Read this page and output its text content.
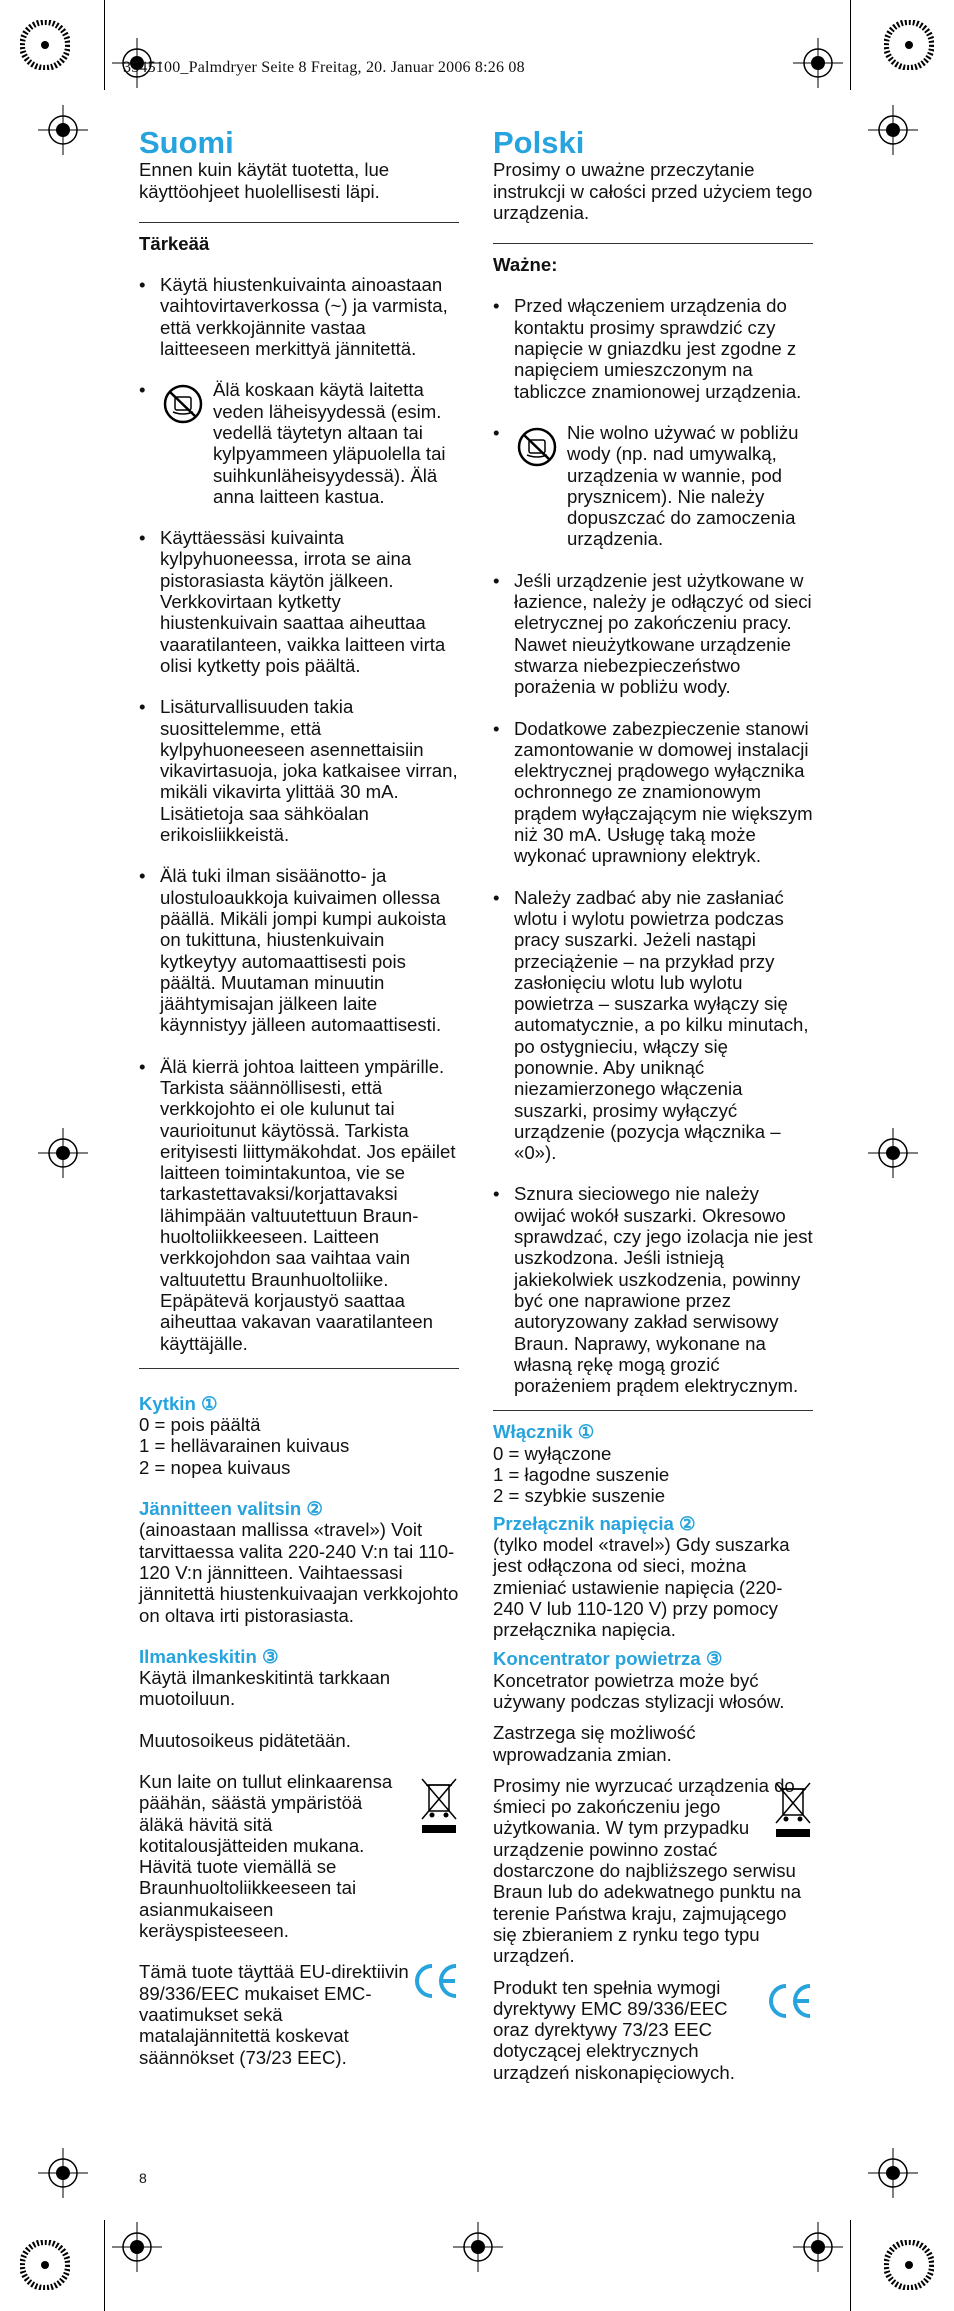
3545100_Palmdryer Seite 8 Freitag, 20. Januar 2006 8:26 08
Suomi

Ennen kuin käytät tuotetta, lue käyttöohjeet huolellisesti läpi.

Tärkeää

• Käytä hiustenkuivainta ainoastaan vaihtovirtaverkossa (~) ja varmista, että verkkojännite vastaa laitteeseen merkittyä jännitettä.
•	Älä koskaan käytä laitetta veden läheisyydessä (esim. vedellä täytetyn altaan tai kylpyammeen yläpuolella tai suihkunläheisyydessä). Älä anna laitteen kastua.
• Käyttäessäsi kuivainta kylpyhuoneessa, irrota se aina pistorasiasta käytön jälkeen. Verkkovirtaan kytketty hiustenkuivain saattaa aiheuttaa vaaratilanteen, vaikka laitteen virta olisi kytketty pois päältä.
• Lisäturvallisuuden takia suosittelemme, että kylpyhuoneeseen asennettaisiin vikavirtasuoja, joka katkaisee virran, mikäli vikavirta ylittää 30 mA. Lisätietoja saa sähköalan erikoisliikkeistä.
• Älä tuki ilman sisäänotto- ja ulostuloaukkoja kuivaimen ollessa päällä. Mikäli jompi kumpi aukoista on tukittuna, hiustenkuivain kytkeytyy automaattisesti pois päältä. Muutaman minuutin jäähtymisajan jälkeen laite käynnistyy jälleen automaattisesti.
• Älä kierrä johtoa laitteen ympärille. Tarkista säännöllisesti, että verkkojohto ei ole kulunut tai vaurioitunut käytössä. Tarkista erityisesti liittymäkohdat. Jos epäilet laitteen toimintakuntoa, vie se tarkastettavaksi/korjattavaksi lähimpään valtuutettuun Braun-huoltoliikkeeseen. Laitteen verkkojohdon saa vaihtaa vain valtuutettu Braunhuoltoliike. Epäpätevä korjaustyö saattaa aiheuttaa vakavan vaaratilanteen käyttäjälle.

Kytkin ①

0 = pois päältä

1 = hellävarainen kuivaus

2 = nopea kuivaus

Jännitteen valitsin ②

(ainoastaan mallissa «travel») Voit tarvittaessa valita 220-240 V:n tai 110-120 V:n jännitteen. Vaihtaessasi jännitettä hiustenkuivaajan verkkojohto on oltava irti pistorasiasta.

Ilmankeskitin ③

Käytä ilmankeskitintä tarkkaan muotoiluun.

Muutosoikeus pidätetään.

Kun laite on tullut elinkaarensa päähän, säästä ympäristöä äläkä hävitä sitä kotitalousjätteiden mukana. Hävitä tuote viemällä se Braunhuoltoliikkeeseen tai asianmukaiseen keräyspisteeseen.

Tämä tuote täyttää EU-direktiivin 89/336/EEC mukaiset EMC-vaatimukset sekä matalajännitettä koskevat säännökset (73/23 EEC).

Polski

Prosimy o uważne przeczytanie instrukcji w całości przed użyciem tego urządzenia.

Ważne:

• Przed włączeniem urządzenia do kontaktu prosimy sprawdzić czy napięcie w gniazdku jest zgodne z napięciem umieszczonym na tabliczce znamionowej urządzenia.
•	Nie wolno używać w pobliżu wody (np. nad umywalką, urządzenia w wannie, pod prysznicem). Nie należy dopuszczać do zamoczenia urządzenia.
• Jeśli urządzenie jest użytkowane w łazience, należy je odłączyć od sieci eletrycznej po zakończeniu pracy. Nawet nieużytkowane urządzenie stwarza niebezpieczeństwo porażenia w pobliżu wody.
• Dodatkowe zabezpieczenie stanowi zamontowanie w domowej instalacji elektrycznej prądowego wyłącznika ochronnego ze znamionowym prądem wyłączającym nie większym niż 30 mA. Usługę taką może wykonać uprawniony elektryk.
• Należy zadbać aby nie zasłaniać wlotu i wylotu powietrza podczas pracy suszarki. Jeżeli nastąpi przeciążenie – na przykład przy zasłonięciu wlotu lub wylotu powietrza – suszarka wyłączy się automatycznie, a po kilku minutach, po ostygnieciu, włączy się ponownie. Aby uniknąć niezamierzonego włączenia suszarki, prosimy wyłączyć urządzenie (pozycja włącznika – «0»).
• Sznura sieciowego nie należy owijać wokół suszarki. Okresowo sprawdzać, czy jego izolacja nie jest uszkodzona. Jeśli istnieją jakiekolwiek uszkodzenia, powinny być one naprawione przez autoryzowany zakład serwisowy Braun. Naprawy, wykonane na własną rękę mogą grozić porażeniem prądem elektrycznym.

Włącznik ①

0 = wyłączone

1 = łagodne suszenie

2 = szybkie suszenie

Przełącznik napięcia ②

(tylko model «travel») Gdy suszarka jest odłączona od sieci, można zmieniać ustawienie napięcia (220-240 V lub 110-120 V) przy pomocy przełącznika napięcia.

Koncentrator powietrza ③

Koncetrator powietrza może być używany podczas stylizacji włosów.

Zastrzega się możliwość wprowadzania zmian.

Prosimy nie wyrzucać urządzenia do śmieci po zakończeniu jego użytkowania. W tym przypadku urządzenie powinno zostać dostarczone do najbliższego serwisu Braun lub do adekwatnego punktu na terenie Państwa kraju, zajmującego się zbieraniem z rynku tego typu urządzeń.

Produkt ten spełnia wymogi dyrektywy EMC 89/336/EEC oraz dyrektywy 73/23 EEC dotyczącej elektrycznych urządzeń niskonapięciowych.

8
